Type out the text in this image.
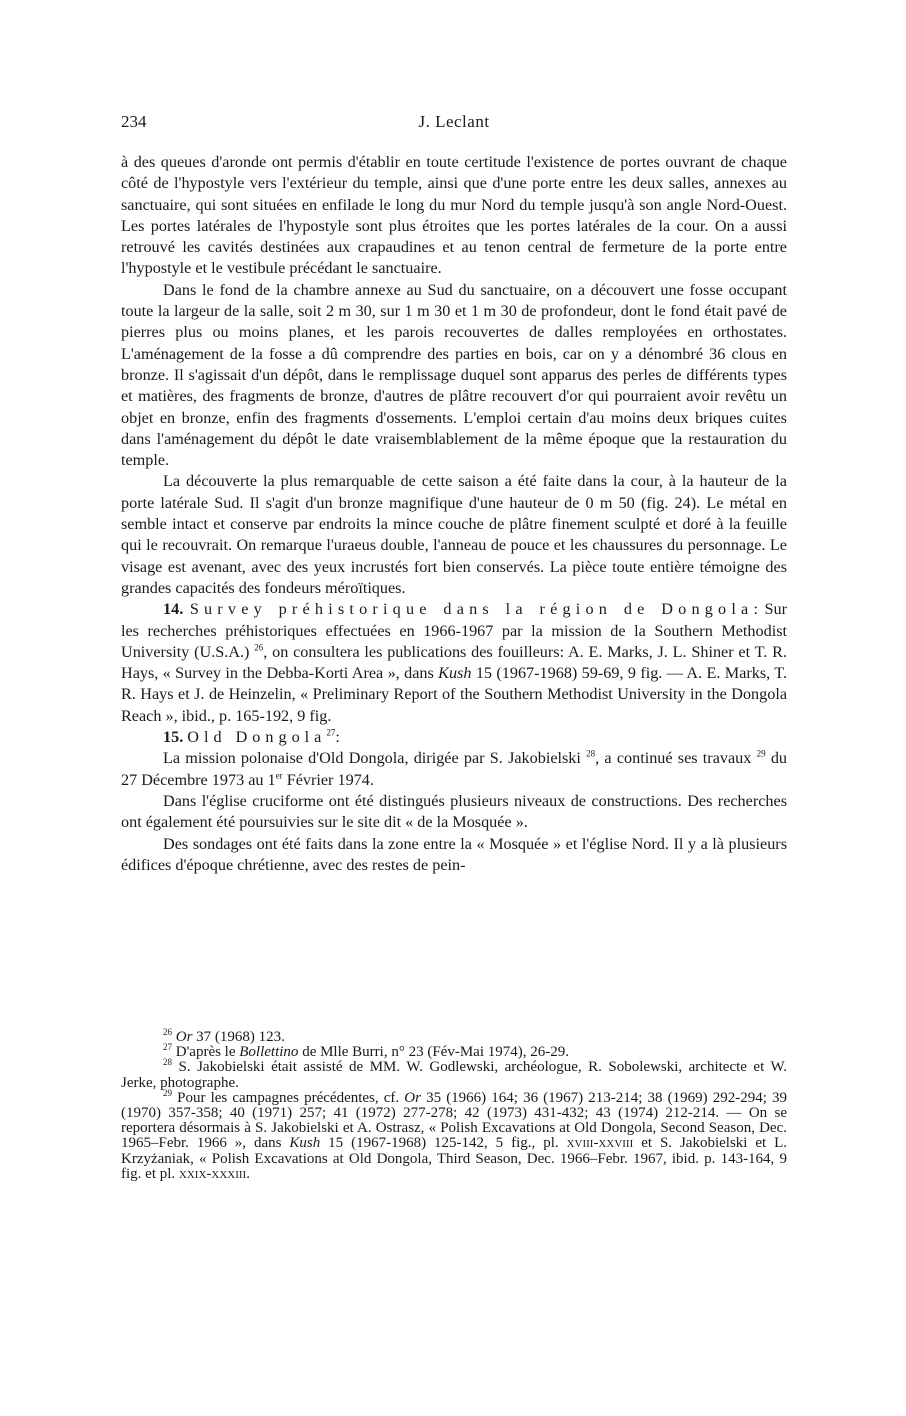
234	J. Leclant

à des queues d'aronde ont permis d'établir en toute certitude l'existence de portes ouvrant de chaque côté de l'hypostyle vers l'extérieur du temple, ainsi que d'une porte entre les deux salles, annexes au sanctuaire, qui sont situées en enfilade le long du mur Nord du temple jusqu'à son angle Nord-Ouest. Les portes latérales de l'hypostyle sont plus étroites que les portes latérales de la cour. On a aussi retrouvé les cavités destinées aux crapaudines et au tenon central de fermeture de la porte entre l'hypostyle et le vestibule précédant le sanctuaire.

Dans le fond de la chambre annexe au Sud du sanctuaire, on a découvert une fosse occupant toute la largeur de la salle, soit 2 m 30, sur 1 m 30 et 1 m 30 de profondeur, dont le fond était pavé de pierres plus ou moins planes, et les parois recouvertes de dalles remployées en orthostates. L'aménagement de la fosse a dû comprendre des parties en bois, car on y a dénombré 36 clous en bronze. Il s'agissait d'un dépôt, dans le remplissage duquel sont apparus des perles de différents types et matières, des fragments de bronze, d'autres de plâtre recouvert d'or qui pourraient avoir revêtu un objet en bronze, enfin des fragments d'ossements. L'emploi certain d'au moins deux briques cuites dans l'aménagement du dépôt le date vraisemblablement de la même époque que la restauration du temple.

La découverte la plus remarquable de cette saison a été faite dans la cour, à la hauteur de la porte latérale Sud. Il s'agit d'un bronze magnifique d'une hauteur de 0 m 50 (fig. 24). Le métal en semble intact et conserve par endroits la mince couche de plâtre finement sculpté et doré à la feuille qui le recouvrait. On remarque l'uraeus double, l'anneau de pouce et les chaussures du personnage. Le visage est avenant, avec des yeux incrustés fort bien conservés. La pièce toute entière témoigne des grandes capacités des fondeurs méroïtiques.

14. Survey préhistorique dans la région de Dongola: Sur les recherches préhistoriques effectuées en 1966-1967 par la mission de la Southern Methodist University (U.S.A.) $^{26}$, on consultera les publications des fouilleurs: A. E. Marks, J. L. Shiner et T. R. Hays, « Survey in the Debba-Korti Area », dans Kush 15 (1967-1968) 59-69, 9 fig. — A. E. Marks, T. R. Hays et J. de Heinzelin, « Preliminary Report of the Southern Methodist University in the Dongola Reach », ibid., p. 165-192, 9 fig.

15. Old Dongola$^{27}$:

La mission polonaise d'Old Dongola, dirigée par S. Jakobielski $^{28}$, a continué ses travaux $^{29}$ du 27 Décembre 1973 au 1er Février 1974.

Dans l'église cruciforme ont été distingués plusieurs niveaux de constructions. Des recherches ont également été poursuivies sur le site dit « de la Mosquée ».

Des sondages ont été faits dans la zone entre la « Mosquée » et l'église Nord. Il y a là plusieurs édifices d'époque chrétienne, avec des restes de pein-

$^{26}$ Or 37 (1968) 123.

$^{27}$ D'après le Bollettino de Mlle Burri, n° 23 (Fév-Mai 1974), 26-29.

$^{28}$ S. Jakobielski était assisté de MM. W. Godlewski, archéologue, R. Sobolewski, architecte et W. Jerke, photographe.

$^{29}$ Pour les campagnes précédentes, cf. Or 35 (1966) 164; 36 (1967) 213-214; 38 (1969) 292-294; 39 (1970) 357-358; 40 (1971) 257; 41 (1972) 277-278; 42 (1973) 431-432; 43 (1974) 212-214. — On se reportera désormais à S. Jakobielski et A. Ostrasz, « Polish Excavations at Old Dongola, Second Season, Dec. 1965–Febr. 1966 », dans Kush 15 (1967-1968) 125-142, 5 fig., pl. xviii-xxviii et S. Jakobielski et L. Krzyżaniak, « Polish Excavations at Old Dongola, Third Season, Dec. 1966–Febr. 1967, ibid. p. 143-164, 9 fig. et pl. xxix-xxxiii.
